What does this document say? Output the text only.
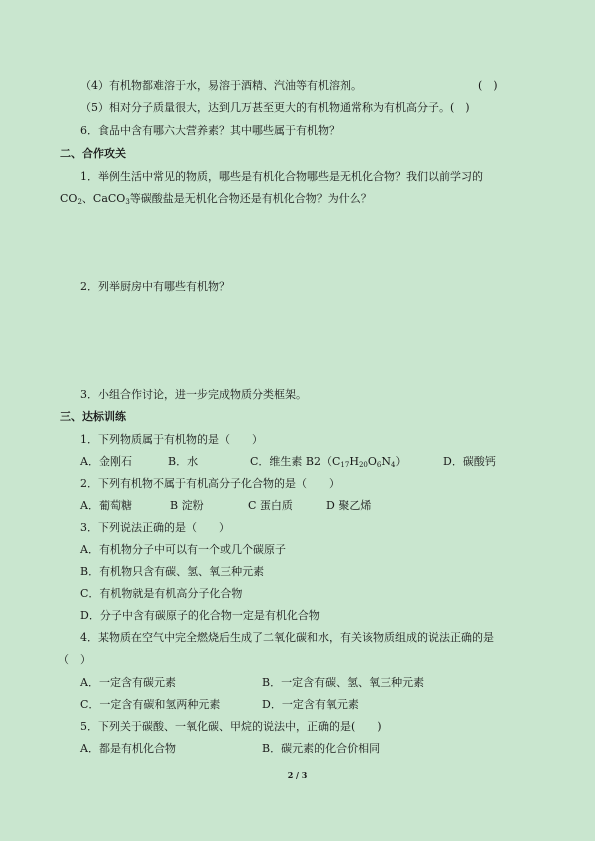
（4）有机物都难溶于水，易溶于酒精、汽油等有机溶剂。	(　)
（5）相对分子质量很大，达到几万甚至更大的有机物通常称为有机高分子。(　)
6．食品中含有哪六大营养素？其中哪些属于有机物？
二、合作攻关
1．举例生活中常见的物质，哪些是有机化合物哪些是无机化合物？我们以前学习的
$CO_2$、CaCO$_3$等碳酸盐是无机化合物还是有机化合物？为什么？
2．列举厨房中有哪些有机物？
3．小组合作讨论，进一步完成物质分类框架。
三、达标训练
1．下列物质属于有机物的是（　　）
A．金刚石	B．水	C．维生素 $B2(C_{17}H_{20}O_6N_4)$	D．碳酸钙
2．下列有机物不属于有机高分子化合物的是（　　）
A．葡萄糖	B 淀粉	C 蛋白质	D 聚乙烯
3．下列说法正确的是（　　）
A．有机物分子中可以有一个或几个碳原子
B．有机物只含有碳、氢、氧三种元素
C．有机物就是有机高分子化合物
D．分子中含有碳原子的化合物一定是有机化合物
4．某物质在空气中完全燃烧后生成了二氧化碳和水，有关该物质组成的说法正确的是
（　）
A．一定含有碳元素	B．一定含有碳、氢、氧三种元素
C．一定含有碳和氢两种元素	D．一定含有氧元素
5．下列关于碳酸、一氧化碳、甲烷的说法中，正确的是(　　)
A．都是有机化合物	B．碳元素的化合价相同
2 / 3
